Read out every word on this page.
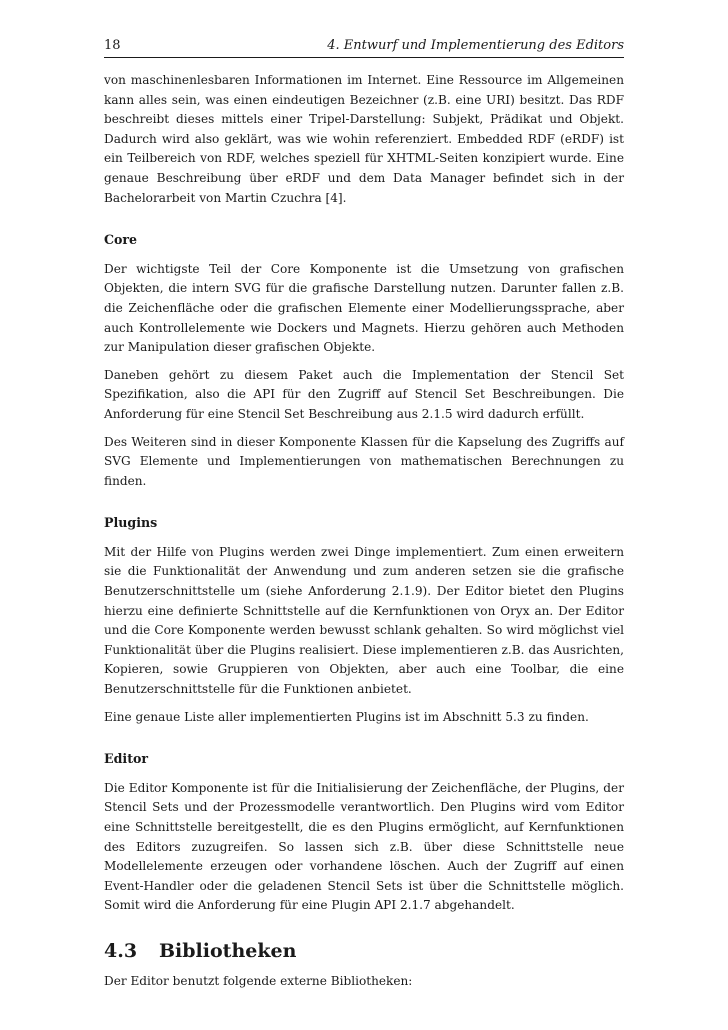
18	4. Entwurf und Implementierung des Editors

von maschinenlesbaren Informationen im Internet. Eine Ressource im Allgemeinen kann alles sein, was einen eindeutigen Bezeichner (z.B. eine URI) besitzt. Das RDF beschreibt dieses mittels einer Tripel-Darstellung: Subjekt, Prädikat und Objekt. Dadurch wird also geklärt, was wie wohin referenziert. Embedded RDF (eRDF) ist ein Teilbereich von RDF, welches speziell für XHTML-Seiten konzipiert wurde. Eine genaue Beschreibung über eRDF und dem Data Manager befindet sich in der Bachelorarbeit von Martin Czuchra [4].

Core

Der wichtigste Teil der Core Komponente ist die Umsetzung von grafischen Objekten, die intern SVG für die grafische Darstellung nutzen. Darunter fallen z.B. die Zeichenfläche oder die grafischen Elemente einer Modellierungssprache, aber auch Kontrollelemente wie Dockers und Magnets. Hierzu gehören auch Methoden zur Manipulation dieser grafischen Objekte.

Daneben gehört zu diesem Paket auch die Implementation der Stencil Set Spezifikation, also die API für den Zugriff auf Stencil Set Beschreibungen. Die Anforderung für eine Stencil Set Beschreibung aus 2.1.5 wird dadurch erfüllt.

Des Weiteren sind in dieser Komponente Klassen für die Kapselung des Zugriffs auf SVG Elemente und Implementierungen von mathematischen Berechnungen zu finden.

Plugins

Mit der Hilfe von Plugins werden zwei Dinge implementiert. Zum einen erweitern sie die Funktionalität der Anwendung und zum anderen setzen sie die grafische Benutzerschnittstelle um (siehe Anforderung 2.1.9). Der Editor bietet den Plugins hierzu eine definierte Schnittstelle auf die Kernfunktionen von Oryx an. Der Editor und die Core Komponente werden bewusst schlank gehalten. So wird möglichst viel Funktionalität über die Plugins realisiert. Diese implementieren z.B. das Ausrichten, Kopieren, sowie Gruppieren von Objekten, aber auch eine Toolbar, die eine Benutzerschnittstelle für die Funktionen anbietet.

Eine genaue Liste aller implementierten Plugins ist im Abschnitt 5.3 zu finden.

Editor

Die Editor Komponente ist für die Initialisierung der Zeichenfläche, der Plugins, der Stencil Sets und der Prozessmodelle verantwortlich. Den Plugins wird vom Editor eine Schnittstelle bereitgestellt, die es den Plugins ermöglicht, auf Kernfunktionen des Editors zuzugreifen. So lassen sich z.B. über diese Schnittstelle neue Modellelemente erzeugen oder vorhandene löschen. Auch der Zugriff auf einen Event-Handler oder die geladenen Stencil Sets ist über die Schnittstelle möglich. Somit wird die Anforderung für eine Plugin API 2.1.7 abgehandelt.

4.3 Bibliotheken

Der Editor benutzt folgende externe Bibliotheken:
